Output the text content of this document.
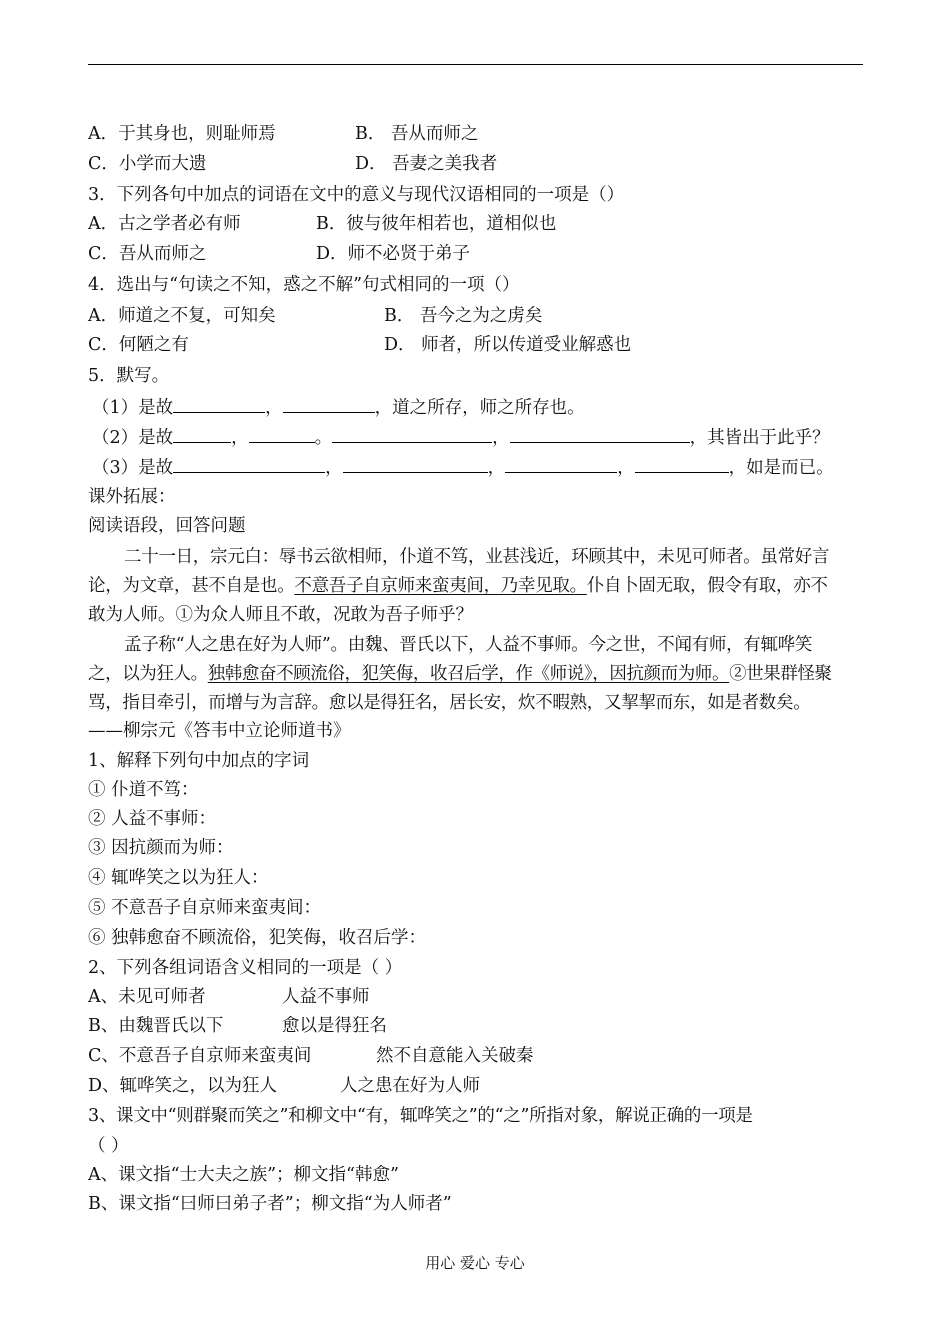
A．于其身也，则耻师焉	B． 吾从而师之
C．小学而大遗	D． 吾妻之美我者
3．下列各句中加点的词语在文中的意义与现代汉语相同的一项是（）
A．古之学者必有师	B．彼与彼年相若也，道相似也
C．吾从而师之	D．师不必贤于弟子
4．选出与“句读之不知，惑之不解”句式相同的一项（）
A．师道之不复，可知矣	B． 吾今之为之虏矣
C．何陋之有	D． 师者，所以传道受业解惑也
5．默写。
（1）是故	，	，道之所存，师之所存也。
（2）是故	，	。	，	，其皆出于此乎？
（3）是故	，	，	，	，如是而已。
课外拓展：
阅读语段，回答问题
二十一日，宗元白：辱书云欲相师，仆道不笃，业甚浅近，环顾其中，未见可师者。虽常好言
论，为文章，甚不自是也。不意吾子自京师来蛮夷间，乃幸见取。仆自卜固无取，假令有取，亦不
敢为人师。①为众人师且不敢，况敢为吾子师乎？
孟子称“人之患在好为人师”。由魏、晋氏以下，人益不事师。今之世，不闻有师，有辄哗笑
之，以为狂人。独韩愈奋不顾流俗，犯笑侮，收召后学，作《师说》，因抗颜而为师。②世果群怪聚
骂，指目牵引，而增与为言辞。愈以是得狂名，居长安，炊不暇熟，又挈挈而东，如是者数矣。
——柳宗元《答韦中立论师道书》
1、解释下列句中加点的字词
① 仆道不笃：
② 人益不事师：
③ 因抗颜而为师：
④ 辄哗笑之以为狂人：
⑤ 不意吾子自京师来蛮夷间：
⑥ 独韩愈奋不顾流俗，犯笑侮，收召后学：
2、下列各组词语含义相同的一项是（ ）
A、未见可师者	人益不事师
B、由魏晋氏以下	愈以是得狂名
C、不意吾子自京师来蛮夷间	然不自意能入关破秦
D、辄哗笑之，以为狂人	人之患在好为人师
3、课文中“则群聚而笑之”和柳文中“有，辄哗笑之”的“之”所指对象，解说正确的一项是
（ ）
A、课文指“士大夫之族”；柳文指“韩愈”
B、课文指“曰师曰弟子者”；柳文指“为人师者”
用心 爱心 专心
